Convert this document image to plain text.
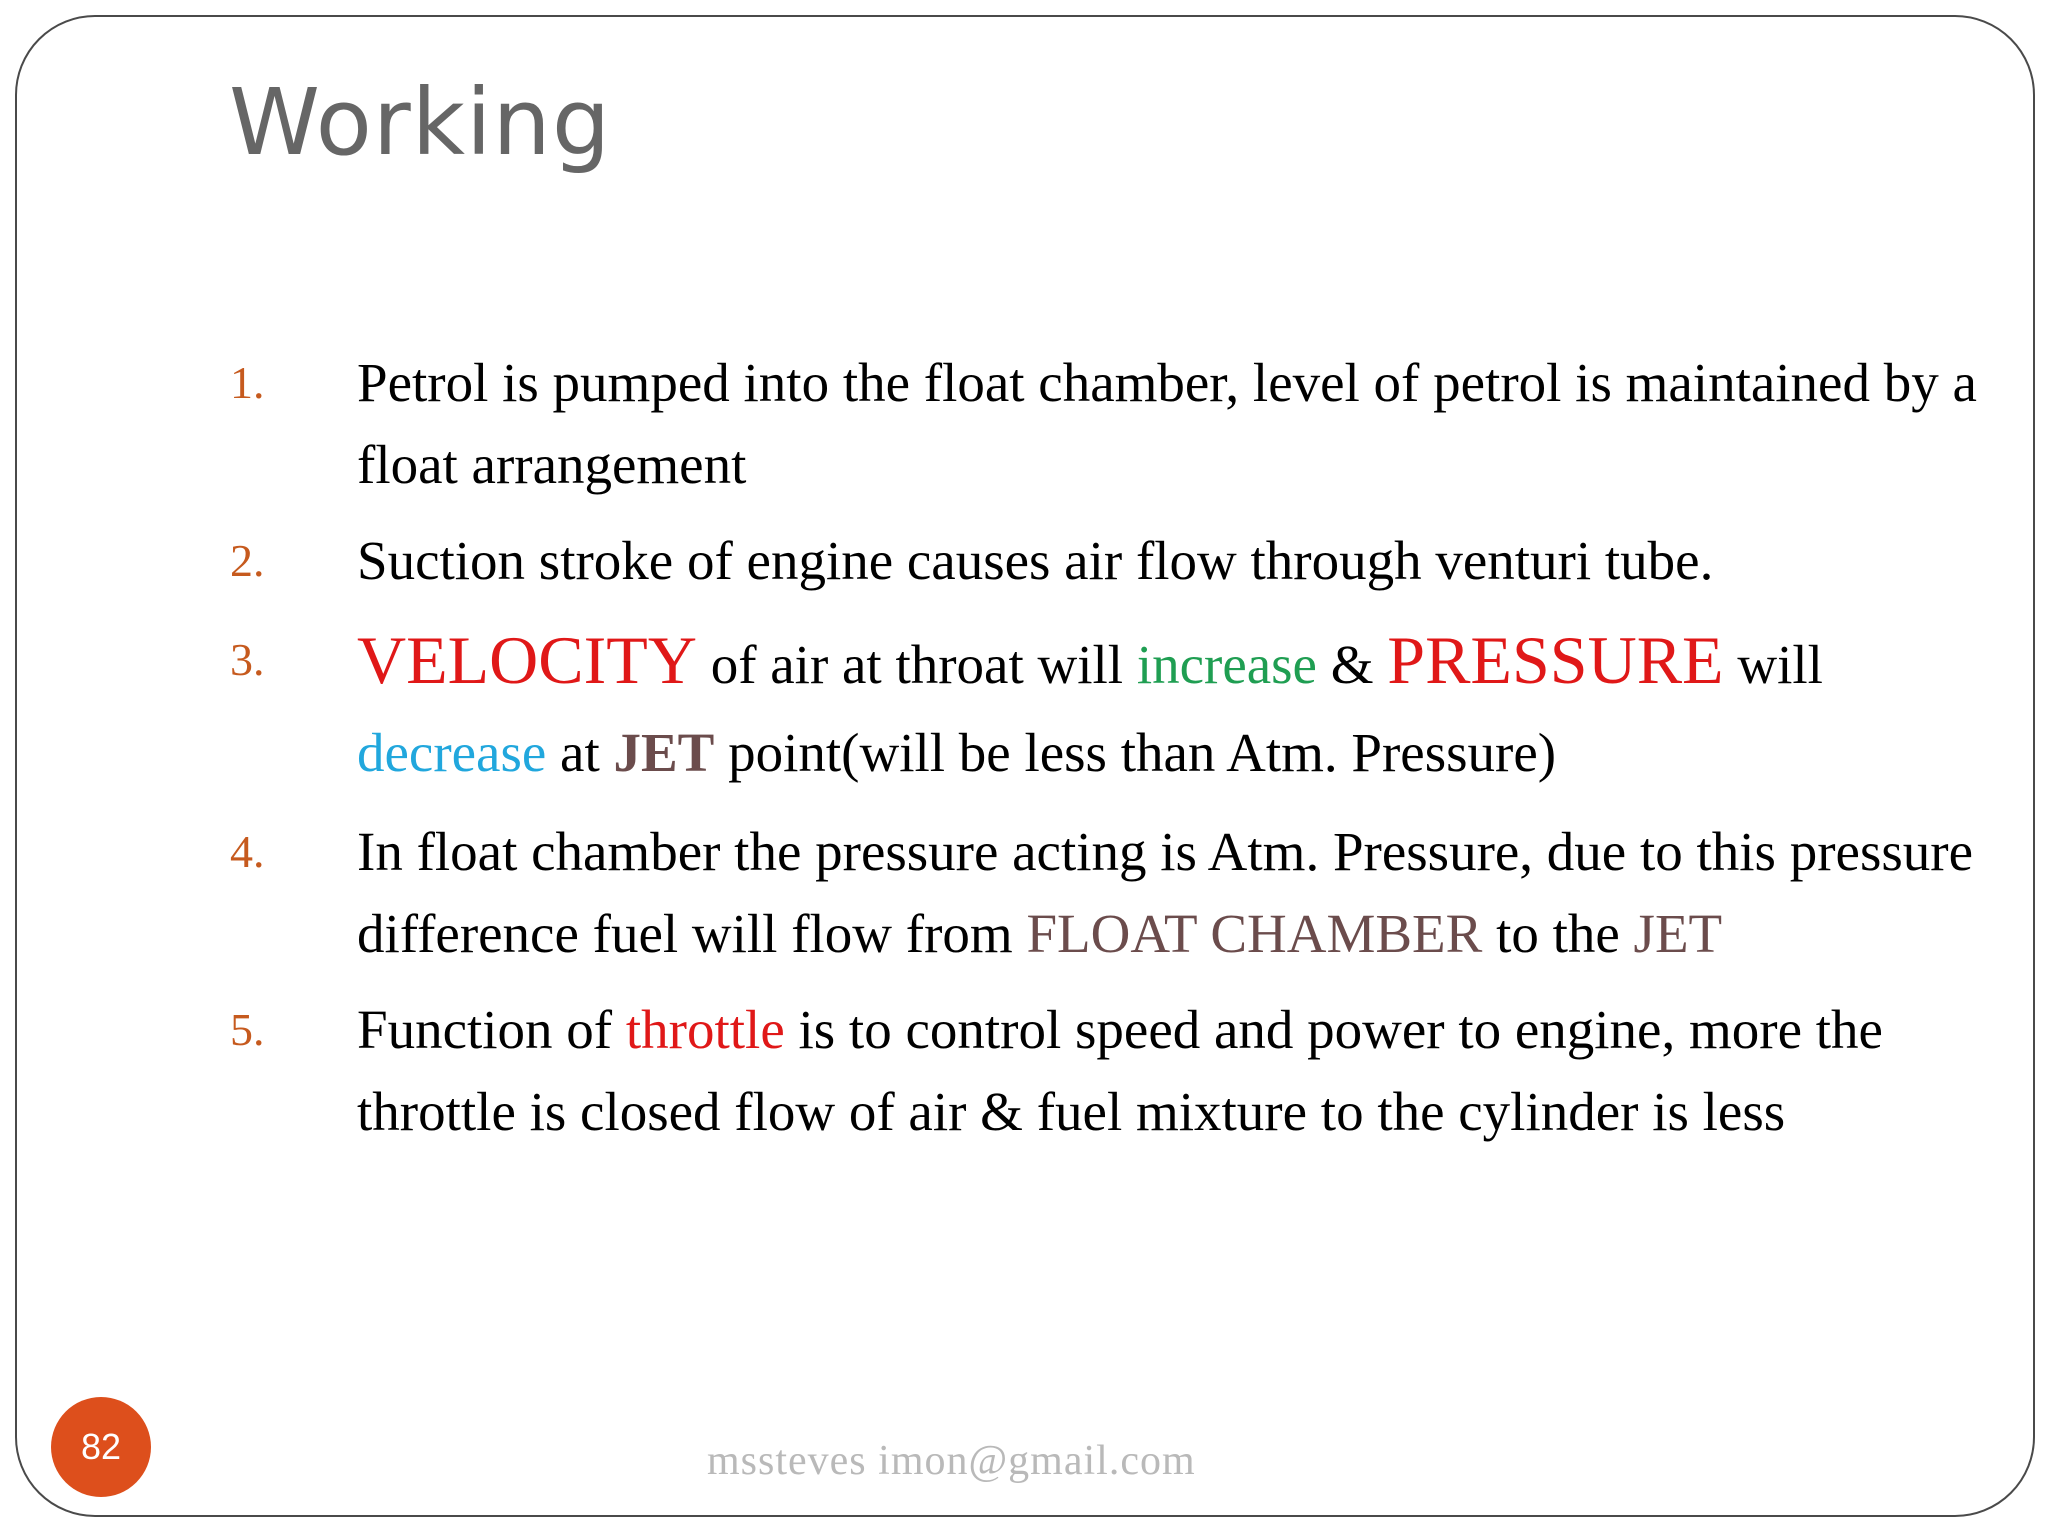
Working
1.	Petrol is pumped into the float chamber, level of petrol is maintained by a float arrangement
2.	Suction stroke of engine causes air flow through venturi tube.
3.	VELOCITY of air at throat will increase & PRESSURE will decrease at JET point(will be less than Atm. Pressure)
4.	In float chamber the pressure acting is Atm. Pressure, due to this pressure difference fuel will flow from FLOAT CHAMBER to the JET
5.	Function of throttle is to control speed and power to engine, more the throttle is closed flow of air & fuel mixture to the cylinder is less
82	mssteves imon@gmail.com
